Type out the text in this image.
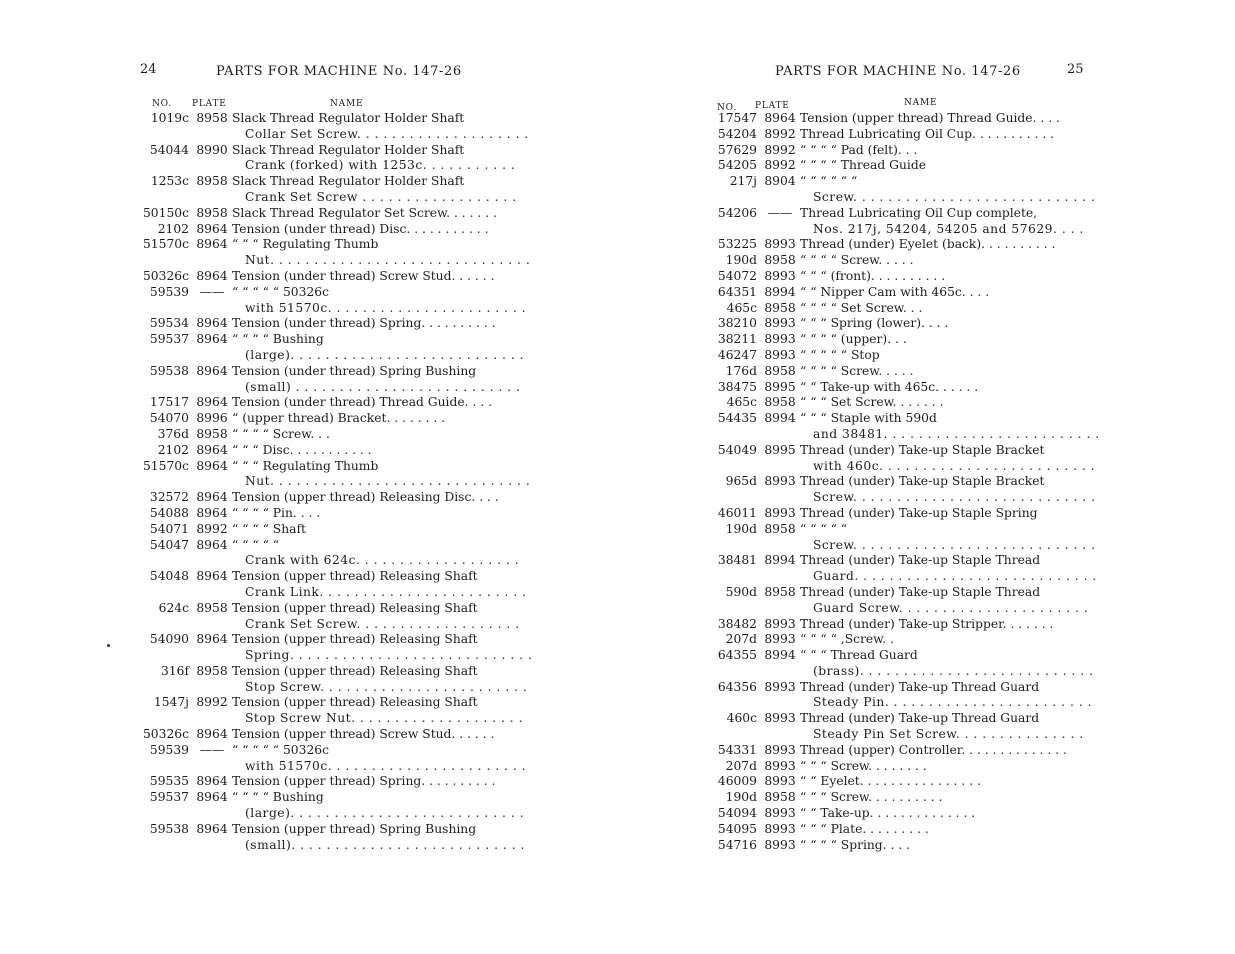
24	PARTS FOR MACHINE No. 147-26
NO. PLATE	NAME
1019c 8958 Slack Thread Regulator Holder Shaft
Collar Set Screw. . . . . . . . . . . . . . . . . . . .
54044 8990 Slack Thread Regulator Holder Shaft
Crank (forked) with 1253c. . . . . . . . . . .
1253c 8958 Slack Thread Regulator Holder Shaft
Crank Set Screw . . . . . . . . . . . . . . . . . .
50150c 8958 Slack Thread Regulator Set Screw. . . . . . .
2102 8964 Tension (under thread) Disc. . . . . . . . . . .
51570c 8964 “ “ “ Regulating Thumb
Nut. . . . . . . . . . . . . . . . . . . . . . . . . . . . . .
50326c 8964 Tension (under thread) Screw Stud. . . . . .
59539 —— “ “ “ “ “ 50326c
with 51570c. . . . . . . . . . . . . . . . . . . . . . .
59534 8964 Tension (under thread) Spring. . . . . . . . . .
59537 8964 “ “ “ “ Bushing
(large). . . . . . . . . . . . . . . . . . . . . . . . . . .
59538 8964 Tension (under thread) Spring Bushing
(small) . . . . . . . . . . . . . . . . . . . . . . . . . .
17517 8964 Tension (under thread) Thread Guide. . . .
54070 8996 “ (upper thread) Bracket. . . . . . . .
376d 8958 “ “ “ “ Screw. . .
2102 8964 “ “ “ Disc. . . . . . . . . . .
51570c 8964 “ “ “ Regulating Thumb
Nut. . . . . . . . . . . . . . . . . . . . . . . . . . . . . .
32572 8964 Tension (upper thread) Releasing Disc. . . .
54088 8964 “ “ “ “ Pin. . . .
54071 8992 “ “ “ “ Shaft
54047 8964 “ “ “ “ “
Crank with 624c. . . . . . . . . . . . . . . . . . .
54048 8964 Tension (upper thread) Releasing Shaft
Crank Link. . . . . . . . . . . . . . . . . . . . . . . .
624c 8958 Tension (upper thread) Releasing Shaft
Crank Set Screw. . . . . . . . . . . . . . . . . . .
54090 8964 Tension (upper thread) Releasing Shaft
Spring. . . . . . . . . . . . . . . . . . . . . . . . . . . .
316f 8958 Tension (upper thread) Releasing Shaft
Stop Screw. . . . . . . . . . . . . . . . . . . . . . . .
1547j 8992 Tension (upper thread) Releasing Shaft
Stop Screw Nut. . . . . . . . . . . . . . . . . . . .
50326c 8964 Tension (upper thread) Screw Stud. . . . . .
59539 —— “ “ “ “ “ 50326c
with 51570c. . . . . . . . . . . . . . . . . . . . . . .
59535 8964 Tension (upper thread) Spring. . . . . . . . . .
59537 8964 “ “ “ “ Bushing
(large). . . . . . . . . . . . . . . . . . . . . . . . . . .
59538 8964 Tension (upper thread) Spring Bushing
(small). . . . . . . . . . . . . . . . . . . . . . . . . . .
PARTS FOR MACHINE No. 147-26	25
NO. PLATE	NAME
17547 8964 Tension (upper thread) Thread Guide. . . .
54204 8992 Thread Lubricating Oil Cup. . . . . . . . . . .
57629 8992 “ “ “ “ Pad (felt). . .
54205 8992 “ “ “ “ Thread Guide
217j 8904 “ “ “ “ “ “
Screw. . . . . . . . . . . . . . . . . . . . . . . . . . . .
54206 —— Thread Lubricating Oil Cup complete,
Nos. 217j, 54204, 54205 and 57629. . . .
53225 8993 Thread (under) Eyelet (back). . . . . . . . . .
190d 8958 “ “ “ “ Screw. . . . .
54072 8993 “ “ “ (front). . . . . . . . . .
64351 8994 “ “ Nipper Cam with 465c. . . .
465c 8958 “ “ “ “ Set Screw. . .
38210 8993 “ “ “ Spring (lower). . . .
38211 8993 “ “ “ “ (upper). . .
46247 8993 “ “ “ “ “ Stop
176d 8958 “ “ “ “ Screw. . . . .
38475 8995 “ “ Take-up with 465c. . . . . .
465c 8958 “ “ “ Set Screw. . . . . . .
54435 8994 “ “ “ Staple with 590d
and 38481. . . . . . . . . . . . . . . . . . . . . . . . .
54049 8995 Thread (under) Take-up Staple Bracket
with 460c. . . . . . . . . . . . . . . . . . . . . . . . .
965d 8993 Thread (under) Take-up Staple Bracket
Screw. . . . . . . . . . . . . . . . . . . . . . . . . . . .
46011 8993 Thread (under) Take-up Staple Spring
190d 8958 “ “ “ “ “
Screw. . . . . . . . . . . . . . . . . . . . . . . . . . . .
38481 8994 Thread (under) Take-up Staple Thread
Guard. . . . . . . . . . . . . . . . . . . . . . . . . . . .
590d 8958 Thread (under) Take-up Staple Thread
Guard Screw. . . . . . . . . . . . . . . . . . . . . .
38482 8993 Thread (under) Take-up Stripper. . . . . . .
207d 8993 “ “ “ “ ,Screw. .
64355 8994 “ “ “ Thread Guard
(brass). . . . . . . . . . . . . . . . . . . . . . . . . . .
64356 8993 Thread (under) Take-up Thread Guard
Steady Pin. . . . . . . . . . . . . . . . . . . . . . . .
460c 8993 Thread (under) Take-up Thread Guard
Steady Pin Set Screw. . . . . . . . . . . . . . .
54331 8993 Thread (upper) Controller. . . . . . . . . . . . . .
207d 8993 “ “ “ Screw. . . . . . . .
46009 8993 “ “ Eyelet. . . . . . . . . . . . . . . .
190d 8958 “ “ “ Screw. . . . . . . . . .
54094 8993 “ “ Take-up. . . . . . . . . . . . . .
54095 8993 “ “ “ Plate. . . . . . . . .
54716 8993 “ “ “ “ Spring. . . .
